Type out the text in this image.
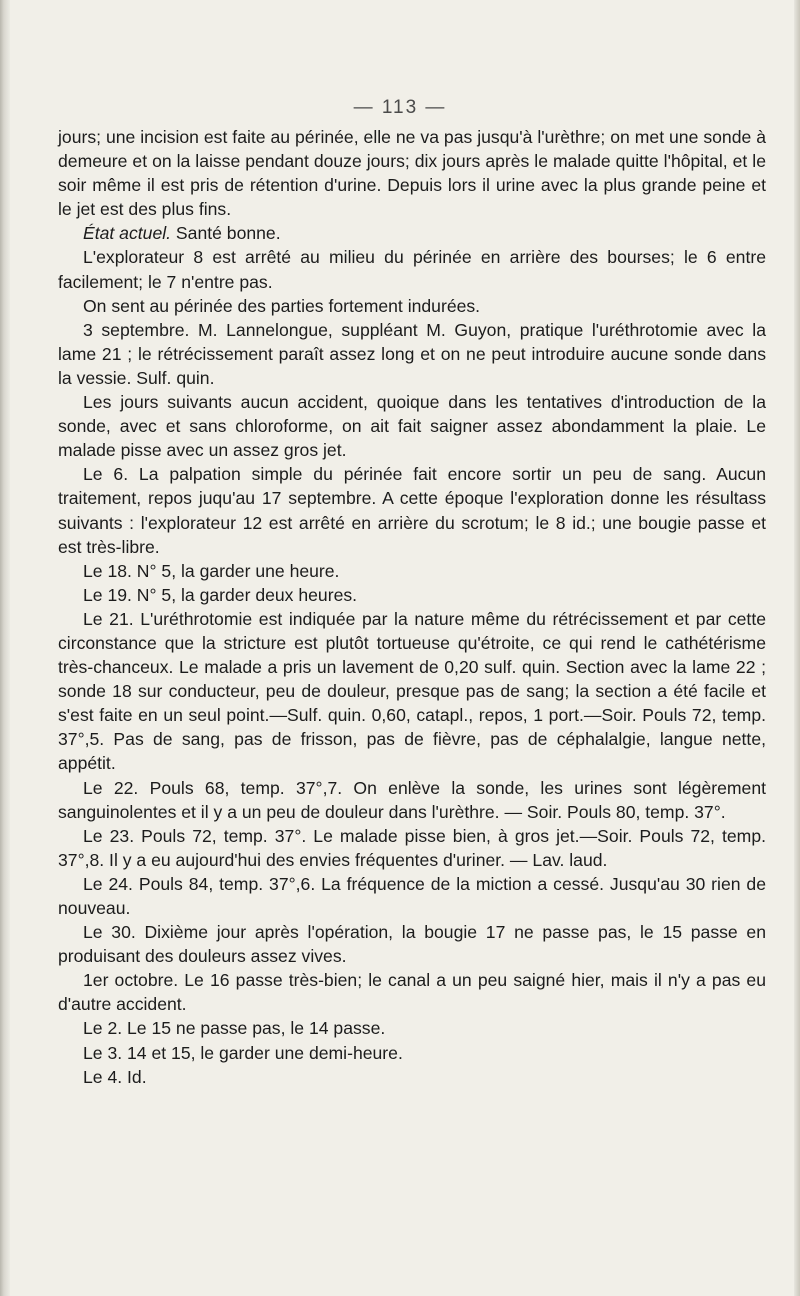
— 113 —

jours; une incision est faite au périnée, elle ne va pas jusqu'à l'urèthre; on met une sonde à demeure et on la laisse pendant douze jours; dix jours après le malade quitte l'hôpital, et le soir même il est pris de rétention d'urine. Depuis lors il urine avec la plus grande peine et le jet est des plus fins.

État actuel. Santé bonne.

L'explorateur 8 est arrêté au milieu du périnée en arrière des bourses; le 6 entre facilement; le 7 n'entre pas.

On sent au périnée des parties fortement indurées.

3 septembre. M. Lannelongue, suppléant M. Guyon, pratique l'uréthrotomie avec la lame 21 ; le rétrécissement paraît assez long et on ne peut introduire aucune sonde dans la vessie. Sulf. quin.

Les jours suivants aucun accident, quoique dans les tentatives d'introduction de la sonde, avec et sans chloroforme, on ait fait saigner assez abondamment la plaie. Le malade pisse avec un assez gros jet.

Le 6. La palpation simple du périnée fait encore sortir un peu de sang. Aucun traitement, repos juqu'au 17 septembre. A cette époque l'exploration donne les résultass suivants : l'explorateur 12 est arrêté en arrière du scrotum; le 8 id.; une bougie passe et est très-libre.

Le 18. N° 5, la garder une heure.

Le 19. N° 5, la garder deux heures.

Le 21. L'uréthrotomie est indiquée par la nature même du rétrécissement et par cette circonstance que la stricture est plutôt tortueuse qu'étroite, ce qui rend le cathétérisme très-chanceux. Le malade a pris un lavement de 0,20 sulf. quin. Section avec la lame 22 ; sonde 18 sur conducteur, peu de douleur, presque pas de sang; la section a été facile et s'est faite en un seul point.—Sulf. quin. 0,60, catapl., repos, 1 port.—Soir. Pouls 72, temp. 37°,5. Pas de sang, pas de frisson, pas de fièvre, pas de céphalalgie, langue nette, appétit.

Le 22. Pouls 68, temp. 37°,7. On enlève la sonde, les urines sont légèrement sanguinolentes et il y a un peu de douleur dans l'urèthre. — Soir. Pouls 80, temp. 37°.

Le 23. Pouls 72, temp. 37°. Le malade pisse bien, à gros jet.—Soir. Pouls 72, temp. 37°,8. Il y a eu aujourd'hui des envies fréquentes d'uriner. — Lav. laud.

Le 24. Pouls 84, temp. 37°,6. La fréquence de la miction a cessé. Jusqu'au 30 rien de nouveau.

Le 30. Dixième jour après l'opération, la bougie 17 ne passe pas, le 15 passe en produisant des douleurs assez vives.

1er octobre. Le 16 passe très-bien; le canal a un peu saigné hier, mais il n'y a pas eu d'autre accident.

Le 2. Le 15 ne passe pas, le 14 passe.

Le 3. 14 et 15, le garder une demi-heure.

Le 4. Id.
